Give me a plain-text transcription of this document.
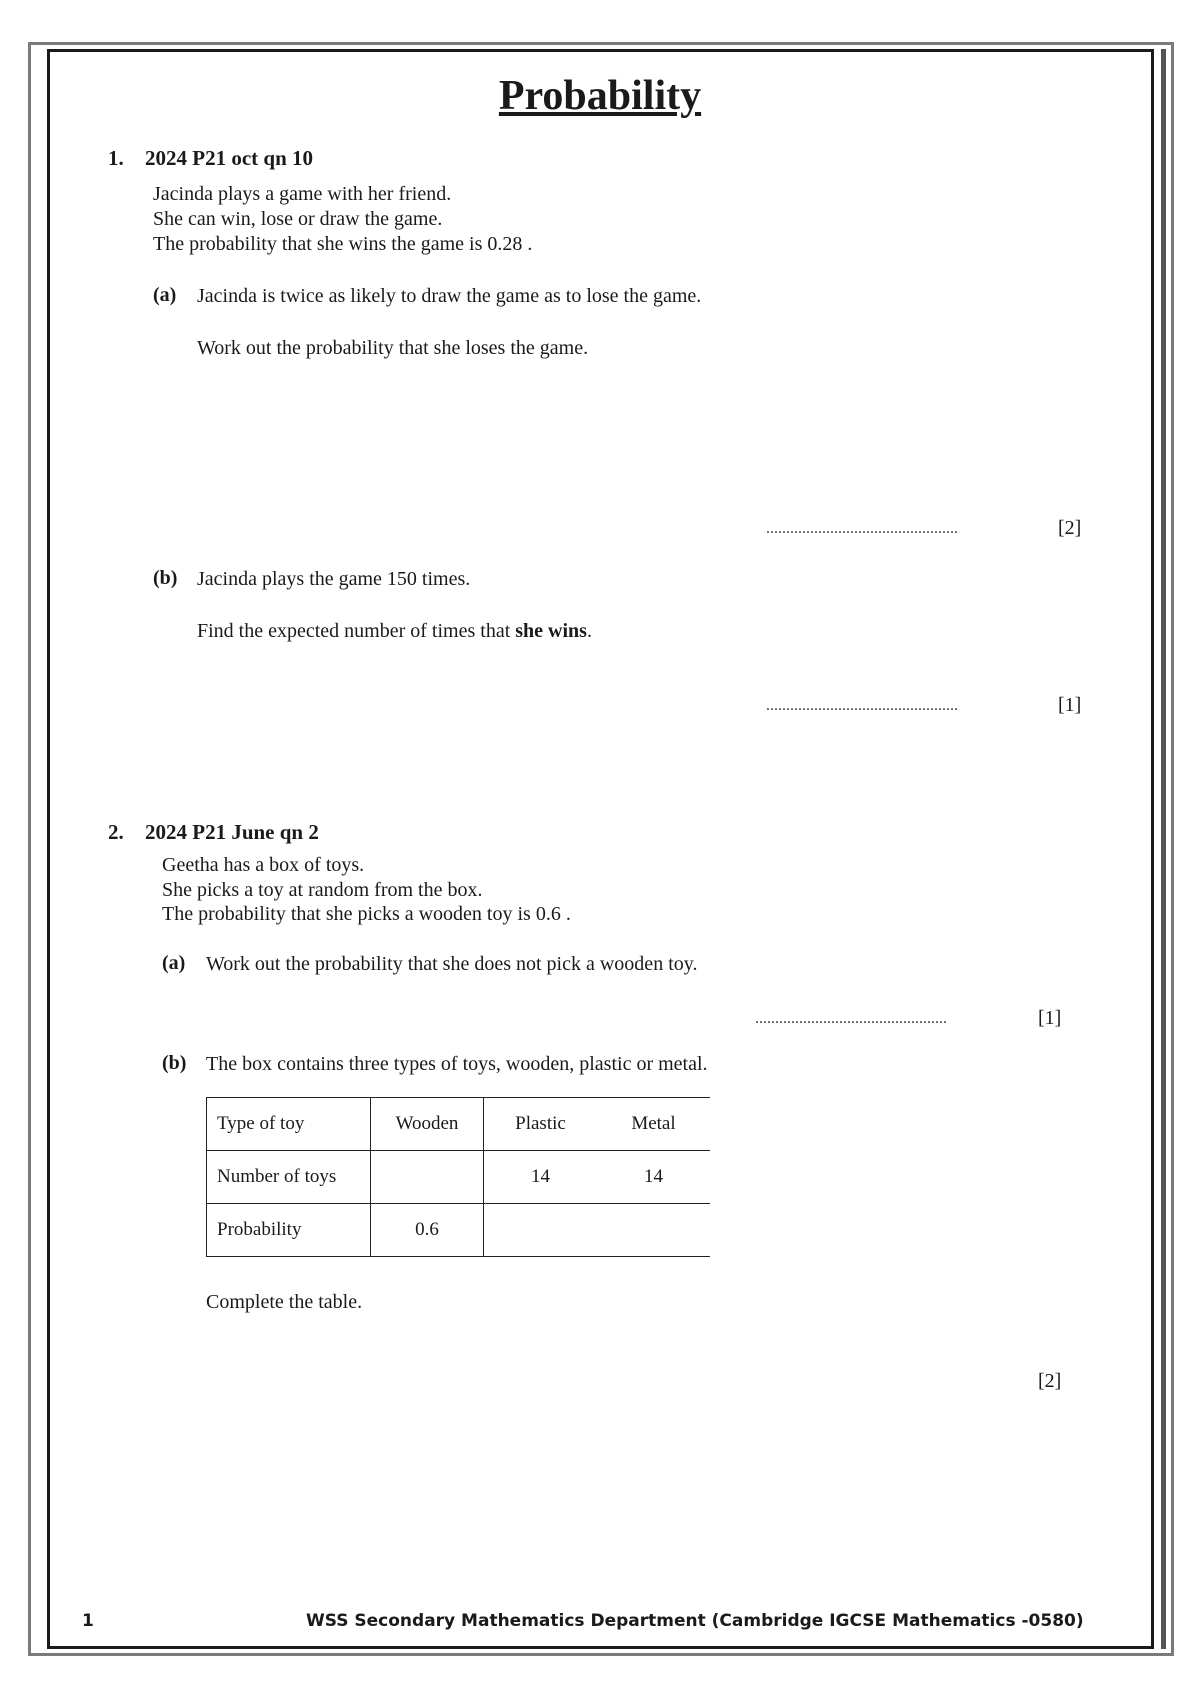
Probability
1. 2024 P21 oct qn 10
Jacinda plays a game with her friend.
She can win, lose or draw the game.
The probability that she wins the game is 0.28 .
(a) Jacinda is twice as likely to draw the game as to lose the game.
Work out the probability that she loses the game.
................................................	[2]
(b) Jacinda plays the game 150 times.
Find the expected number of times that she wins.
................................................	[1]
2. 2024 P21 June qn 2
Geetha has a box of toys.
She picks a toy at random from the box.
The probability that she picks a wooden toy is 0.6 .
(a) Work out the probability that she does not pick a wooden toy.
................................................	[1]
(b) The box contains three types of toys, wooden, plastic or metal.
Type of toy	Wooden	Plastic	Metal
Number of toys		14	14
Probability	0.6		
Complete the table.
[2]
1	WSS Secondary Mathematics Department (Cambridge IGCSE Mathematics -0580)
